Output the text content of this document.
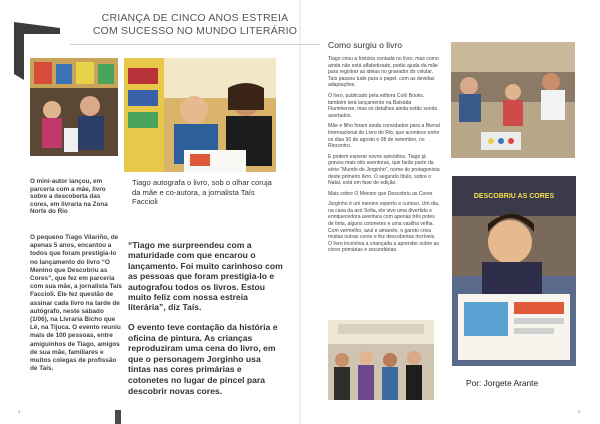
CRIANÇA DE CINCO ANOS ESTREIA
COM SUCESSO NO MUNDO LITERÁRIO
O mini-autor lançou, em parceria com a mãe, livro sobre a descoberta das cores, em livraria na Zona Norte do Rio
Tiago autografa o livro, sob o olhar coruja da mãe e co-autora, a jornalista Taís Faccioli
O pequeno Tiago Vilariño, de apenas 5 anos, encantou a todos que foram prestigia-lo no lançamento do livro “O Menino que Descobriu as Cores”, que fez em parceria com sua mãe, a jornalista Taís Faccioli. Ele fez questão de assinar cada livro na tarde de autógrafo, neste sábado (1/06), na Livraria Bicho que Lê, na Tijuca. O evento reuniu mais de 100 pessoas, entre amiguinhos de Tiago, amigos de sua mãe, familiares e muitos colegas de profissão de Taís.
“Tiago me surpreendeu com a maturidade com que encarou o lançamento. Foi muito carinhoso com as pessoas que foram prestigia-lo e autografou todos os livros. Estou muito feliz com nossa estreia literária”, diz Taís.
O evento teve contação da história e oficina de pintura. As crianças reproduziram uma cena do livro, em que o personagem Jorginho usa tintas nas cores primárias e cotonetes no lugar de pincel para descobrir novas cores.
4	5
Como surgiu o livro

Tiago criou a história contada no livro, mas como ainda não está alfabetizado, pediu ajuda da mãe para registrar as ideias no gravador do celular. Taís passou tudo para o papel, com as devidas adaptações.

O livro, publicado pela editora Colô Books, também terá lançamento na Baixada Fluminense, mas os detalhes ainda estão sendo acertados.

Mãe e filho foram ainda convidados para a Bienal Internacional do Livro do Rio, que acontece entre os dias 30 de agosto e 08 de setembro, no Riocentro.

E podem esperar novos episódios. Tiago já gravou mais oito aventuras, que farão parte da série “Mundo de Jorginho”, nome do protagonista deste primeiro livro. O segundo título, sobre o Natal, está em fase de edição.

Mais sobre O Menino que Descobriu as Cores

Jorginho é um menino esperto e curioso. Um dia, na casa da avó Sofia, ele vive uma divertida e enriquecedora aventura com apenas três potes de tinta, alguns cotonetes e uma vasilha velha. Com vermelho, azul e amarelo, o garoto criou muitas outras cores e fez descobertas incríveis. O livro incentiva a criançada a aprender sobre as cores primárias e secundárias.

DESCOBRIU AS CORES
Por: Jorgete Arante
